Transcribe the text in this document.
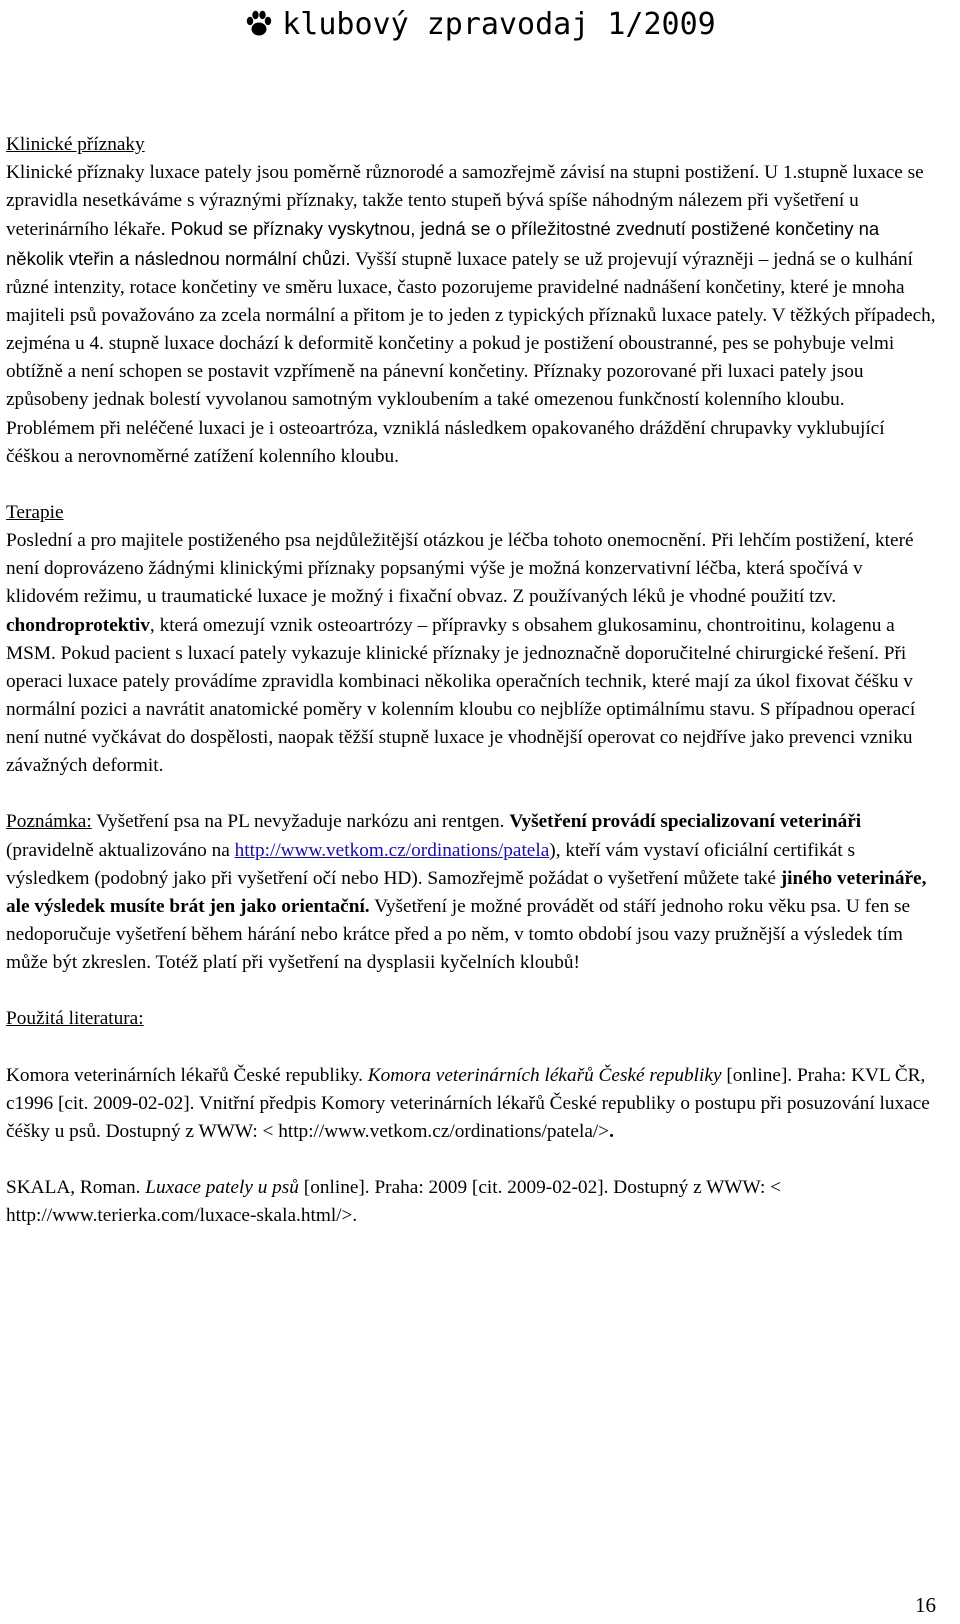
klubový zpravodaj 1/2009

Klinické příznaky

Klinické příznaky luxace pately jsou poměrně různorodé a samozřejmě závisí na stupni postižení. U 1.stupně luxace se zpravidla nesetkáváme s výraznými příznaky, takže tento stupeň bývá spíše náhodným nálezem při vyšetření u veterinárního lékaře. Pokud se příznaky vyskytnou, jedná se o příležitostné zvednutí postižené končetiny na několik vteřin a následnou normální chůzi. Vyšší stupně luxace pately se už projevují výrazněji – jedná se o kulhání různé intenzity, rotace končetiny ve směru luxace, často pozorujeme pravidelné nadnášení končetiny, které je mnoha majiteli psů považováno za zcela normální a přitom je to jeden z typických příznaků luxace pately. V těžkých případech, zejména u 4. stupně luxace dochází k deformitě končetiny a pokud je postižení oboustranné, pes se pohybuje velmi obtížně a není schopen se postavit vzpřímeně na pánevní končetiny. Příznaky pozorované při luxaci pately jsou způsobeny jednak bolestí vyvolanou samotným vykloubením a také omezenou funkčností kolenního kloubu. Problémem při neléčené luxaci je i osteoartróza, vzniklá následkem opakovaného dráždění chrupavky vyklubující čéškou a nerovnoměrné zatížení kolenního kloubu.

Terapie

Poslední a pro majitele postiženého psa nejdůležitější otázkou je léčba tohoto onemocnění. Při lehčím postižení, které není doprovázeno žádnými klinickými příznaky popsanými výše je možná konzervativní léčba, která spočívá v klidovém režimu, u traumatické luxace je možný i fixační obvaz. Z používaných léků je vhodné použití tzv. chondroprotektiv, která omezují vznik osteoartrózy – přípravky s obsahem glukosaminu, chontroitinu, kolagenu a MSM. Pokud pacient s luxací pately vykazuje klinické příznaky je jednoznačně doporučitelné chirurgické řešení. Při operaci luxace pately provádíme zpravidla kombinaci několika operačních technik, které mají za úkol fixovat čéšku v normální pozici a navrátit anatomické poměry v kolenním kloubu co nejblíže optimálnímu stavu. S případnou operací není nutné vyčkávat do dospělosti, naopak těžší stupně luxace je vhodnější operovat co nejdříve jako prevenci vzniku závažných deformit.

Poznámka: Vyšetření psa na PL nevyžaduje narkózu ani rentgen. Vyšetření provádí specializovaní veterináři
(pravidelně aktualizováno na http://www.vetkom.cz/ordinations/patela), kteří vám vystaví oficiální certifikát s výsledkem (podobný jako při vyšetření očí nebo HD). Samozřejmě požádat o vyšetření můžete také jiného veterináře, ale výsledek musíte brát jen jako orientační. Vyšetření je možné provádět od stáří jednoho roku věku psa. U fen se nedoporučuje vyšetření během hárání nebo krátce před a po něm, v tomto období jsou vazy pružnější a výsledek tím může být zkreslen. Totéž platí při vyšetření na dysplasii kyčelních kloubů!

Použitá literatura:

Komora veterinárních lékařů České republiky. Komora veterinárních lékařů České republiky [online]. Praha: KVL ČR, c1996 [cit. 2009-02-02]. Vnitřní předpis Komory veterinárních lékařů České republiky o postupu při posuzování luxace čéšky u psů. Dostupný z WWW: < http://www.vetkom.cz/ordinations/patela/>.

SKALA, Roman. Luxace pately u psů [online]. Praha: 2009 [cit. 2009-02-02]. Dostupný z WWW: < http://www.terierka.com/luxace-skala.html/>.

16
